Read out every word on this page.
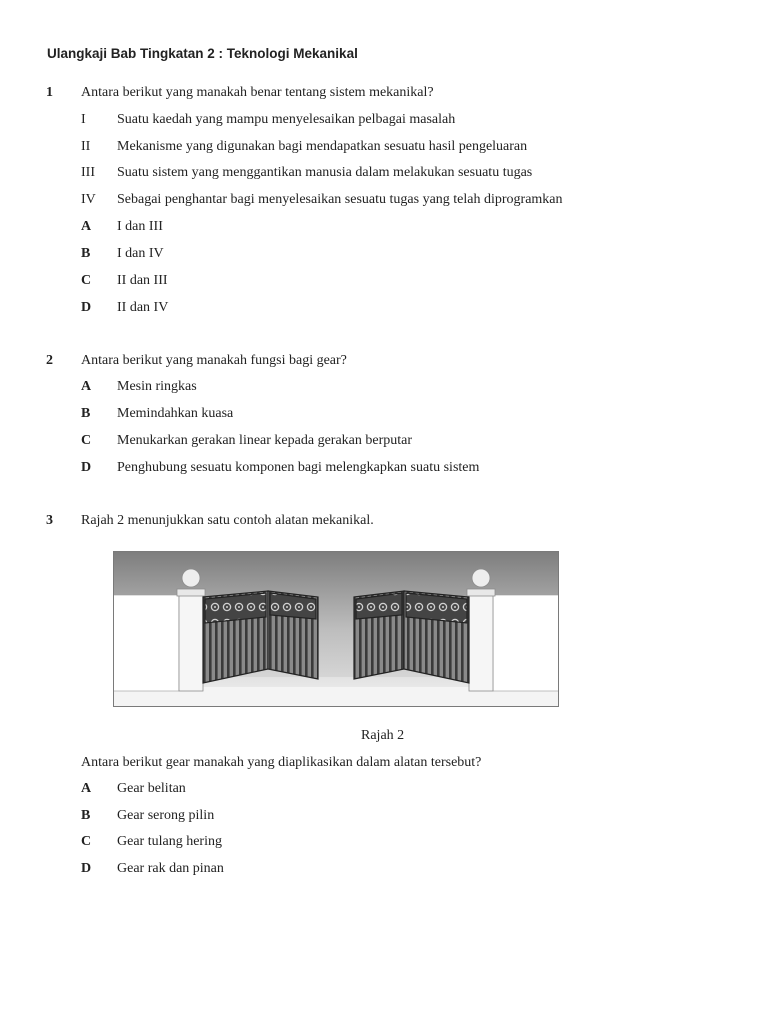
Ulangkaji Bab Tingkatan 2 : Teknologi Mekanikal
1 Antara berikut yang manakah benar tentang sistem mekanikal?
I Suatu kaedah yang mampu menyelesaikan pelbagai masalah
II Mekanisme yang digunakan bagi mendapatkan sesuatu hasil pengeluaran
III Suatu sistem yang menggantikan manusia dalam melakukan sesuatu tugas
IV Sebagai penghantar bagi menyelesaikan sesuatu tugas yang telah diprogramkan
A I dan III
B I dan IV
C II dan III
D II dan IV
2 Antara berikut yang manakah fungsi bagi gear?
A Mesin ringkas
B Memindahkan kuasa
C Menukarkan gerakan linear kepada gerakan berputar
D Penghubung sesuatu komponen bagi melengkapkan suatu sistem
3 Rajah 2 menunjukkan satu contoh alatan mekanikal.
Rajah 2
Antara berikut gear manakah yang diaplikasikan dalam alatan tersebut?
A Gear belitan
B Gear serong pilin
C Gear tulang hering
D Gear rak dan pinan
